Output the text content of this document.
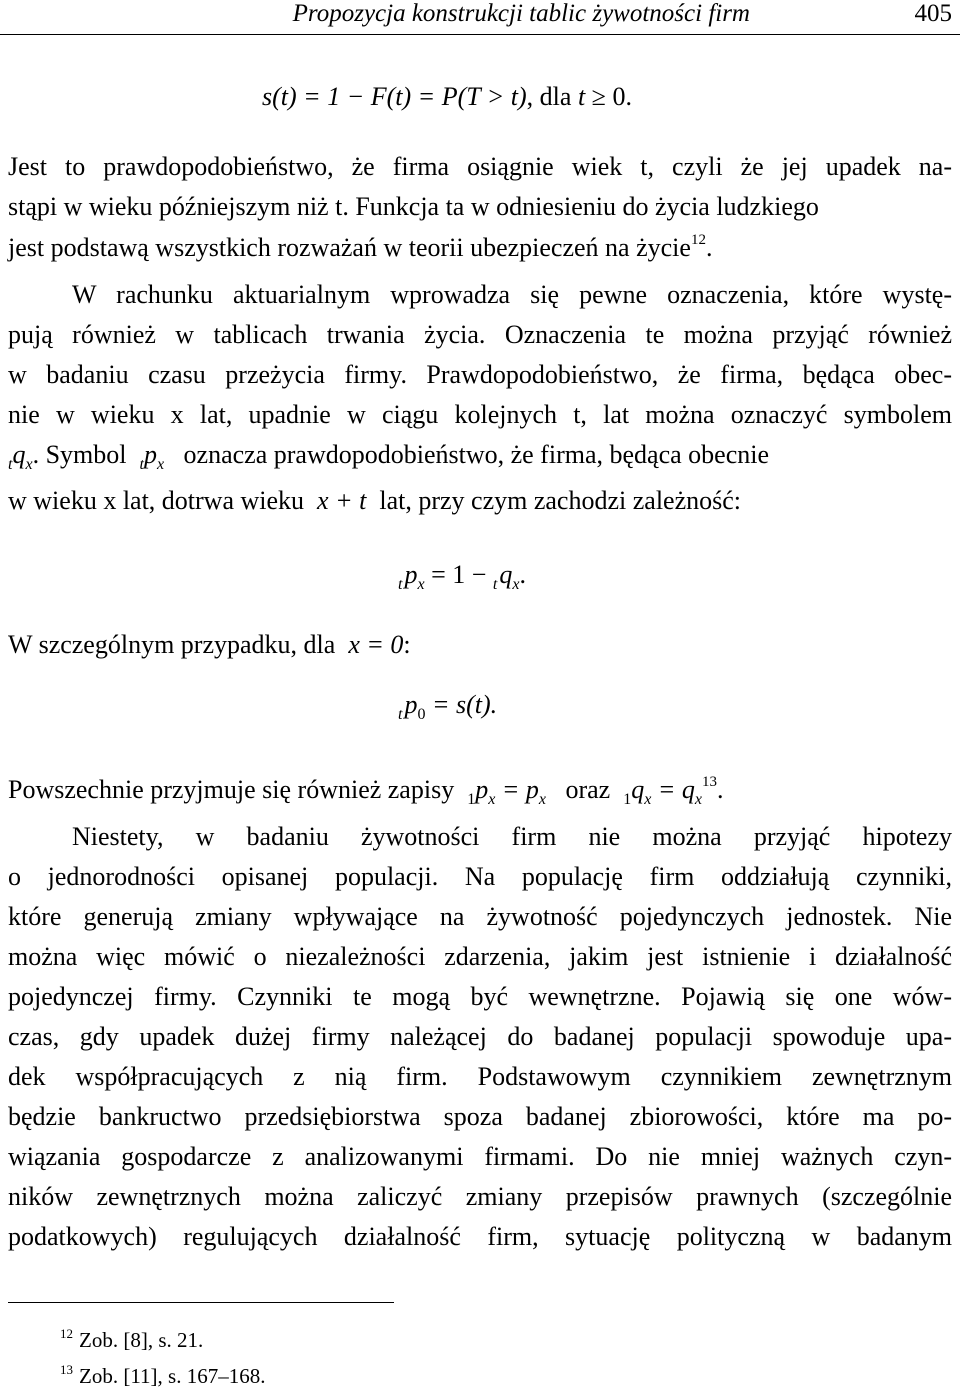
Propozycja konstrukcji tablic żywotności firm	405
s(t) = 1 − F(t) = P(T > t), dla t ≥ 0.
Jest to prawdopodobieństwo, że firma osiągnie wiek t, czyli że jej upadek na-
stąpi w wieku późniejszym niż t. Funkcja ta w odniesieniu do życia ludzkiego
jest podstawą wszystkich rozważań w teorii ubezpieczeń na życie$^{12}$.
W rachunku aktuarialnym wprowadza się pewne oznaczenia, które wystę-
pują również w tablicach trwania życia. Oznaczenia te można przyjąć również
w badaniu czasu przeżycia firmy. Prawdopodobieństwo, że firma, będąca obec-
nie w wieku x lat, upadnie w ciągu kolejnych t, lat można oznaczyć symbolem
$_tq_x$. Symbol $_tp_x$ oznacza prawdopodobieństwo, że firma, będąca obecnie
w wieku x lat, dotrwa wieku x + t lat, przy czym zachodzi zależność:
$_tp_x = 1 - _tq_x$.
W szczególnym przypadku, dla x = 0:
$_tp_0 = s(t)$.
Powszechnie przyjmuje się również zapisy $_1p_x = p_x$ oraz $_1q_x = q_x^{13}$.
Niestety, w badaniu żywotności firm nie można przyjąć hipotezy
o jednorodności opisanej populacji. Na populację firm oddziałują czynniki,
które generują zmiany wpływające na żywotność pojedynczych jednostek. Nie
można więc mówić o niezależności zdarzenia, jakim jest istnienie i działalność
pojedynczej firmy. Czynniki te mogą być wewnętrzne. Pojawią się one wów-
czas, gdy upadek dużej firmy należącej do badanej populacji spowoduje upa-
dek współpracujących z nią firm. Podstawowym czynnikiem zewnętrznym
będzie bankructwo przedsiębiorstwa spoza badanej zbiorowości, które ma po-
wiązania gospodarcze z analizowanymi firmami. Do nie mniej ważnych czyn-
ników zewnętrznych można zaliczyć zmiany przepisów prawnych (szczególnie
podatkowych) regulujących działalność firm, sytuację polityczną w badanym
$^{12}$ Zob. [8], s. 21.
$^{13}$ Zob. [11], s. 167–168.
